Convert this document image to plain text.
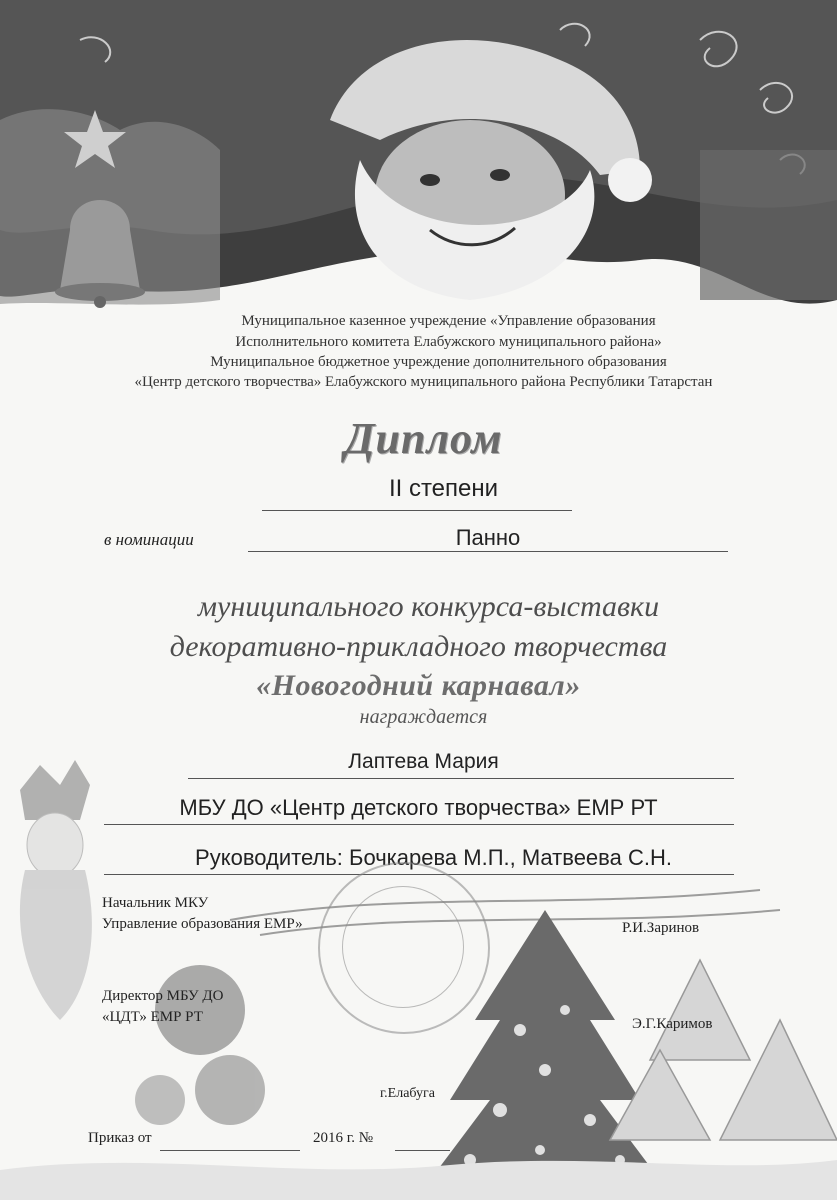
Муниципальное казенное учреждение «Управление образования
Исполнительного комитета Елабужского муниципального района»
Муниципальное бюджетное учреждение дополнительного образования
«Центр детского творчества» Елабужского муниципального района Республики Татарстан
Диплом
II степени
в номинации	Панно
муниципального конкурса-выставки
декоративно-прикладного творчества
«Новогодний карнавал»
награждается
Лаптева Мария
МБУ ДО «Центр детского творчества» ЕМР РТ
Руководитель: Бочкарева М.П., Матвеева С.Н.
Начальник МКУ
Управление образования ЕМР»	Р.И.Заринов
Директор МБУ ДО
«ЦДТ» ЕМР РТ	Э.Г.Каримов
г.Елабуга
Приказ от	2016 г. №
